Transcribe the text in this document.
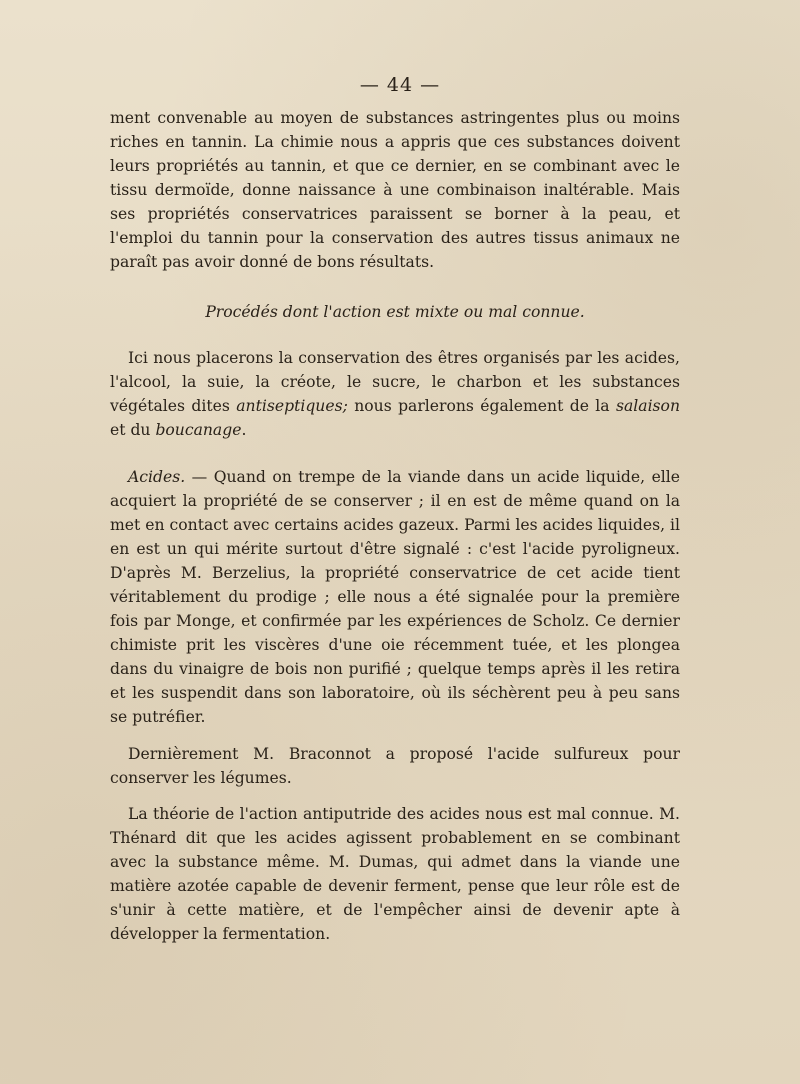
— 44 —

ment convenable au moyen de substances astringentes plus ou moins riches en tannin. La chimie nous a appris que ces substances doivent leurs propriétés au tannin, et que ce dernier, en se combinant avec le tissu dermoïde, donne naissance à une combinaison inaltérable. Mais ses propriétés conservatrices paraissent se borner à la peau, et l'emploi du tannin pour la conservation des autres tissus animaux ne paraît pas avoir donné de bons résultats.

Procédés dont l'action est mixte ou mal connue.

Ici nous placerons la conservation des êtres organisés par les acides, l'alcool, la suie, la créote, le sucre, le charbon et les substances végétales dites antiseptiques; nous parlerons également de la salaison et du boucanage.

Acides. — Quand on trempe de la viande dans un acide liquide, elle acquiert la propriété de se conserver ; il en est de même quand on la met en contact avec certains acides gazeux. Parmi les acides liquides, il en est un qui mérite surtout d'être signalé : c'est l'acide pyroligneux. D'après M. Berzelius, la propriété conservatrice de cet acide tient véritablement du prodige ; elle nous a été signalée pour la première fois par Monge, et confirmée par les expériences de Scholz. Ce dernier chimiste prit les viscères d'une oie récemment tuée, et les plongea dans du vinaigre de bois non purifié ; quelque temps après il les retira et les suspendit dans son laboratoire, où ils séchèrent peu à peu sans se putréfier.

Dernièrement M. Braconnot a proposé l'acide sulfureux pour conserver les légumes.

La théorie de l'action antiputride des acides nous est mal connue. M. Thénard dit que les acides agissent probablement en se combinant avec la substance même. M. Dumas, qui admet dans la viande une matière azotée capable de devenir ferment, pense que leur rôle est de s'unir à cette matière, et de l'empêcher ainsi de devenir apte à développer la fermentation.
